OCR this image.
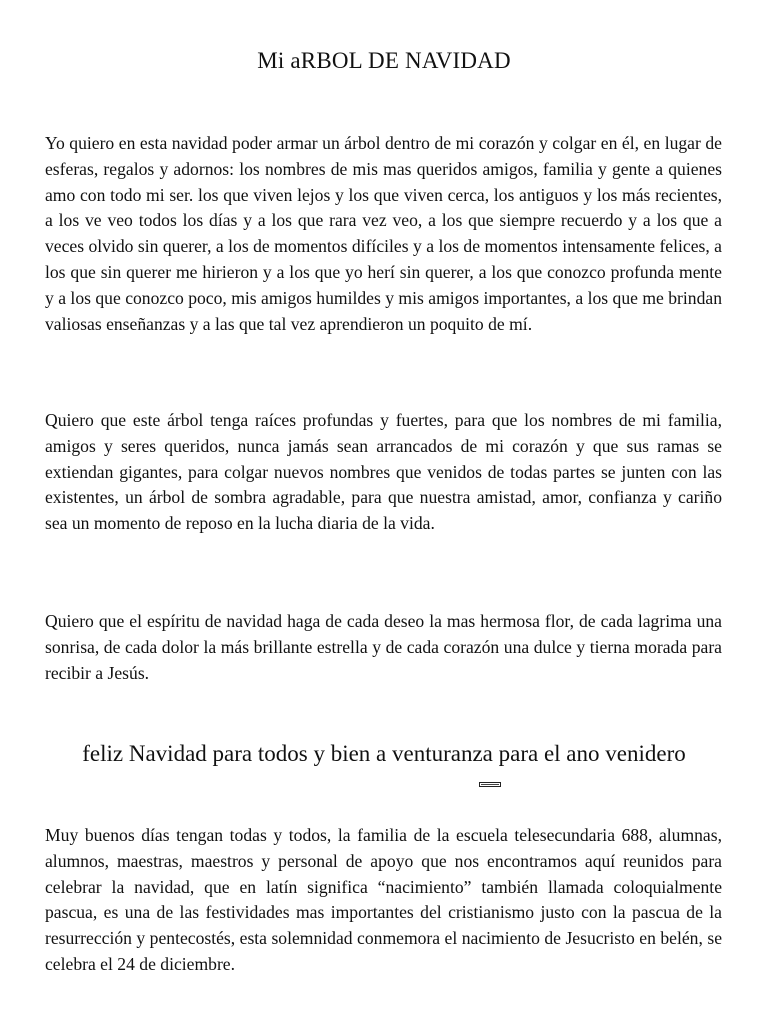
Mi aRBOL DE NAVIDAD

Yo quiero en esta navidad poder armar un árbol dentro de mi corazón y colgar en él, en lugar de esferas, regalos y adornos: los nombres de mis mas queridos amigos, familia y gente a quienes amo con todo mi ser. los que viven lejos y los que viven cerca, los antiguos y los más recientes, a los ve veo todos los días y a los que rara vez veo, a los que siempre recuerdo y a los que a veces olvido sin querer, a los de momentos difíciles y a los de momentos intensamente felices, a los que sin querer me hirieron y a los que yo herí sin querer, a los que conozco profunda mente y a los que conozco poco, mis amigos humildes y mis amigos importantes, a los que me brindan valiosas enseñanzas y a las que tal vez aprendieron un poquito de mí.

Quiero que este árbol tenga raíces profundas y fuertes, para que los nombres de mi familia, amigos y seres queridos, nunca jamás sean arrancados de mi corazón y que sus ramas se extiendan gigantes, para colgar nuevos nombres que venidos de todas partes se junten con las existentes, un árbol de sombra agradable, para que nuestra amistad, amor, confianza y cariño sea un momento de reposo en la lucha diaria de la vida.

Quiero que el espíritu de navidad haga de cada deseo la mas hermosa flor, de cada lagrima una sonrisa, de cada dolor la más brillante estrella y de cada corazón una dulce y tierna morada para recibir a Jesús.

feliz Navidad para todos y bien a venturanza para el ano venidero

Muy buenos días tengan todas y todos, la familia de la escuela telesecundaria 688, alumnas, alumnos, maestras, maestros y personal de apoyo que nos encontramos aquí reunidos para celebrar la navidad, que en latín significa “nacimiento” también llamada coloquialmente pascua, es una de las festividades mas importantes del cristianismo justo con la pascua de la resurrección y pentecostés, esta solemnidad conmemora el nacimiento de Jesucristo en belén, se celebra el 24 de diciembre.
